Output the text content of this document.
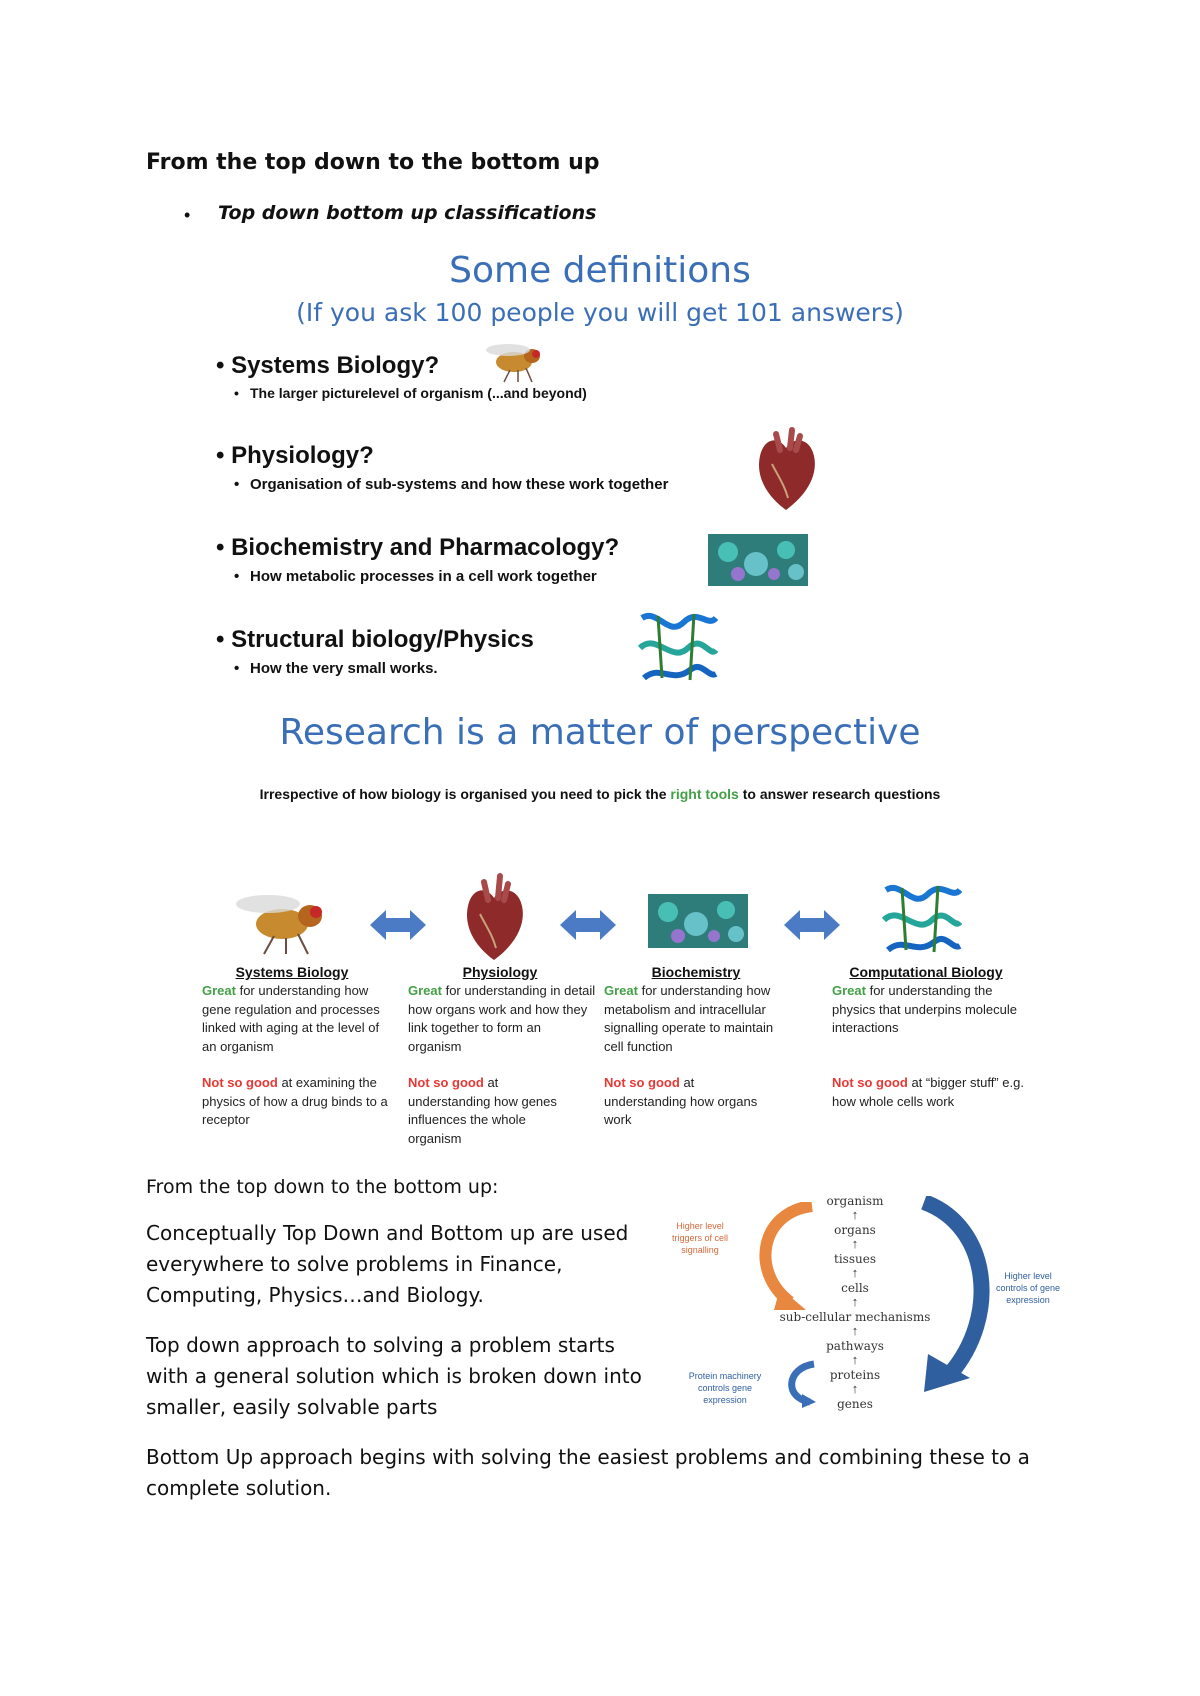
From the top down to the bottom up
• Top down bottom up classifications
Some definitions
(If you ask 100 people you will get 101 answers)
• Systems Biology?
• The larger picturelevel of organism (...and beyond)
• Physiology?
• Organisation of sub-systems and how these work together
• Biochemistry and Pharmacology?
• How metabolic processes in a cell work together
• Structural biology/Physics
• How the very small works.
Research is a matter of perspective
Irrespective of how biology is organised you need to pick the right tools to answer research questions
Systems Biology
Great for understanding how gene regulation and processes linked with aging at the level of an organism
Not so good at examining the physics of how a drug binds to a receptor
Physiology
Great for understanding in detail how organs work and how they link together to form an organism
Not so good at understanding how genes influences the whole organism
Biochemistry
Great for understanding how metabolism and intracellular signalling operate to maintain cell function
Not so good at understanding how organs work
Computational Biology
Great for understanding the physics that underpins molecule interactions
Not so good at “bigger stuff” e.g. how whole cells work
From the top down to the bottom up:
Conceptually Top Down and Bottom up are used everywhere to solve problems in Finance, Computing, Physics…and Biology.
Top down approach to solving a problem starts with a general solution which is broken down into smaller, easily solvable parts
Bottom Up approach begins with solving the easiest problems and combining these to a complete solution.
organism
↑
organs
↑
tissues
↑
cells
↑
sub-cellular mechanisms
↑
pathways
↑
proteins
↑
genes
Higher level triggers of cell signalling
Higher level controls of gene expression
Protein machinery controls gene expression
